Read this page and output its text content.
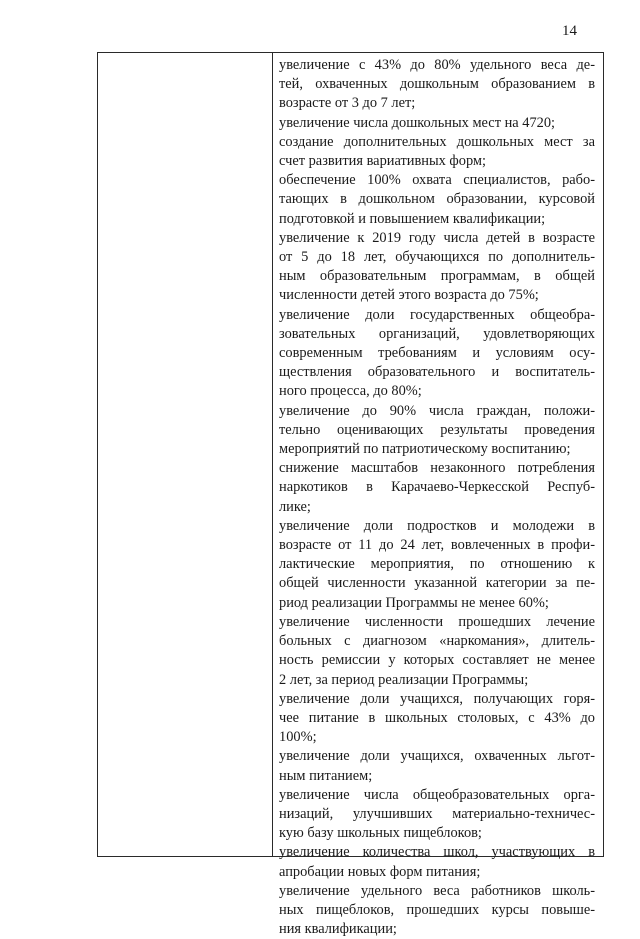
14
увеличение с 43% до 80% удельного веса де-
тей, охваченных дошкольным образованием в
возрасте от 3 до 7 лет;
увеличение числа дошкольных мест на 4720;
создание дополнительных дошкольных мест за
счет развития вариативных форм;
обеспечение 100% охвата специалистов, рабо-
тающих в дошкольном образовании, курсовой
подготовкой и повышением квалификации;
увеличение к 2019 году числа детей в возрасте
от 5 до 18 лет, обучающихся по дополнитель-
ным образовательным программам, в общей
численности детей этого возраста до 75%;
увеличение доли государственных общеобра-
зовательных организаций, удовлетворяющих
современным требованиям и условиям осу-
ществления образовательного и воспитатель-
ного процесса, до 80%;
увеличение до 90% числа граждан, положи-
тельно оценивающих результаты проведения
мероприятий по патриотическому воспитанию;
снижение масштабов незаконного потребления
наркотиков в Карачаево-Черкесской Респуб-
лике;
увеличение доли подростков и молодежи в
возрасте от 11 до 24 лет, вовлеченных в профи-
лактические мероприятия, по отношению к
общей численности указанной категории за пе-
риод реализации Программы не менее 60%;
увеличение численности прошедших лечение
больных с диагнозом «наркомания», длитель-
ность ремиссии у которых составляет не менее
2 лет, за период реализации Программы;
увеличение доли учащихся, получающих горя-
чее питание в школьных столовых, с 43% до
100%;
увеличение доли учащихся, охваченных льгот-
ным питанием;
увеличение числа общеобразовательных орга-
низаций, улучшивших материально-техничес-
кую базу школьных пищеблоков;
увеличение количества школ, участвующих в
апробации новых форм питания;
увеличение удельного веса работников школь-
ных пищеблоков, прошедших курсы повыше-
ния квалификации;
